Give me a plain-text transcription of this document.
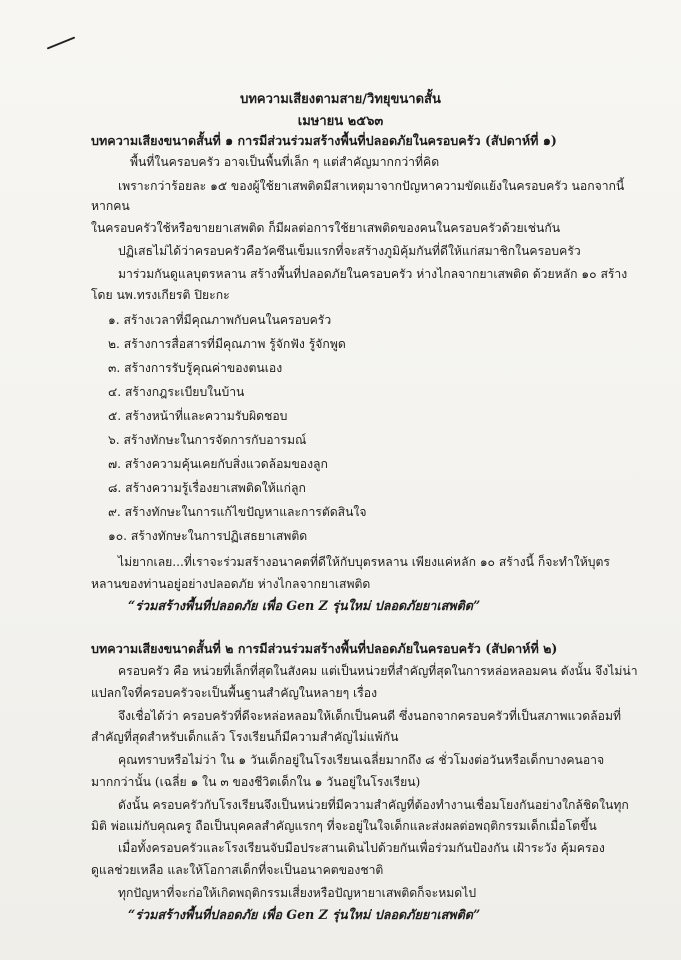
บทความเสียงตามสาย/วิทยุขนาดสั้น
เมษายน ๒๕๖๓
บทความเสียงขนาดสั้นที่ ๑ การมีส่วนร่วมสร้างพื้นที่ปลอดภัยในครอบครัว (สัปดาห์ที่ ๑)
พื้นที่ในครอบครัว อาจเป็นพื้นที่เล็ก ๆ แต่สำคัญมากกว่าที่คิด
เพราะกว่าร้อยละ ๑๕ ของผู้ใช้ยาเสพติดมีสาเหตุมาจากปัญหาความขัดแย้งในครอบครัว นอกจากนี้
หากคน
ในครอบครัวใช้หรือขายยาเสพติด ก็มีผลต่อการใช้ยาเสพติดของคนในครอบครัวด้วยเช่นกัน
ปฏิเสธไม่ได้ว่าครอบครัวคือวัคซีนเข็มแรกที่จะสร้างภูมิคุ้มกันที่ดีให้แก่สมาชิกในครอบครัว
มาร่วมกันดูแลบุตรหลาน สร้างพื้นที่ปลอดภัยในครอบครัว ห่างไกลจากยาเสพติด ด้วยหลัก ๑๐ สร้าง
โดย นพ.ทรงเกียรติ ปิยะกะ
๑. สร้างเวลาที่มีคุณภาพกับคนในครอบครัว
๒. สร้างการสื่อสารที่มีคุณภาพ รู้จักฟัง รู้จักพูด
๓. สร้างการรับรู้คุณค่าของตนเอง
๔. สร้างกฎระเบียบในบ้าน
๕. สร้างหน้าที่และความรับผิดชอบ
๖. สร้างทักษะในการจัดการกับอารมณ์
๗. สร้างความคุ้นเคยกับสิ่งแวดล้อมของลูก
๘. สร้างความรู้เรื่องยาเสพติดให้แก่ลูก
๙. สร้างทักษะในการแก้ไขปัญหาและการตัดสินใจ
๑๐. สร้างทักษะในการปฏิเสธยาเสพติด
ไม่ยากเลย...ที่เราจะร่วมสร้างอนาคตที่ดีให้กับบุตรหลาน เพียงแค่หลัก ๑๐ สร้างนี้ ก็จะทำให้บุตร
หลานของท่านอยู่อย่างปลอดภัย ห่างไกลจากยาเสพติด
“ร่วมสร้างพื้นที่ปลอดภัย เพื่อ Gen Z รุ่นใหม่ ปลอดภัยยาเสพติด”
บทความเสียงขนาดสั้นที่ ๒ การมีส่วนร่วมสร้างพื้นที่ปลอดภัยในครอบครัว (สัปดาห์ที่ ๒)
ครอบครัว คือ หน่วยที่เล็กที่สุดในสังคม แต่เป็นหน่วยที่สำคัญที่สุดในการหล่อหลอมคน ดังนั้น จึงไม่น่า
แปลกใจที่ครอบครัวจะเป็นพื้นฐานสำคัญในหลายๆ เรื่อง
จึงเชื่อได้ว่า ครอบครัวที่ดีจะหล่อหลอมให้เด็กเป็นคนดี ซึ่งนอกจากครอบครัวที่เป็นสภาพแวดล้อมที่
สำคัญที่สุดสำหรับเด็กแล้ว โรงเรียนก็มีความสำคัญไม่แพ้กัน
คุณทราบหรือไม่ว่า ใน ๑ วันเด็กอยู่ในโรงเรียนเฉลี่ยมากถึง ๘ ชั่วโมงต่อวันหรือเด็กบางคนอาจ
มากกว่านั้น (เฉลี่ย ๑ ใน ๓ ของชีวิตเด็กใน ๑ วันอยู่ในโรงเรียน)
ดังนั้น ครอบครัวกับโรงเรียนจึงเป็นหน่วยที่มีความสำคัญที่ต้องทำงานเชื่อมโยงกันอย่างใกล้ชิดในทุก
มิติ พ่อแม่กับคุณครู ถือเป็นบุคคลสำคัญแรกๆ ที่จะอยู่ในใจเด็กและส่งผลต่อพฤติกรรมเด็กเมื่อโตขึ้น
เมื่อทั้งครอบครัวและโรงเรียนจับมือประสานเดินไปด้วยกันเพื่อร่วมกันป้องกัน เฝ้าระวัง คุ้มครอง
ดูแลช่วยเหลือ และให้โอกาสเด็กที่จะเป็นอนาคตของชาติ
ทุกปัญหาที่จะก่อให้เกิดพฤติกรรมเสี่ยงหรือปัญหายาเสพติดก็จะหมดไป
“ร่วมสร้างพื้นที่ปลอดภัย เพื่อ Gen Z รุ่นใหม่ ปลอดภัยยาเสพติด”
